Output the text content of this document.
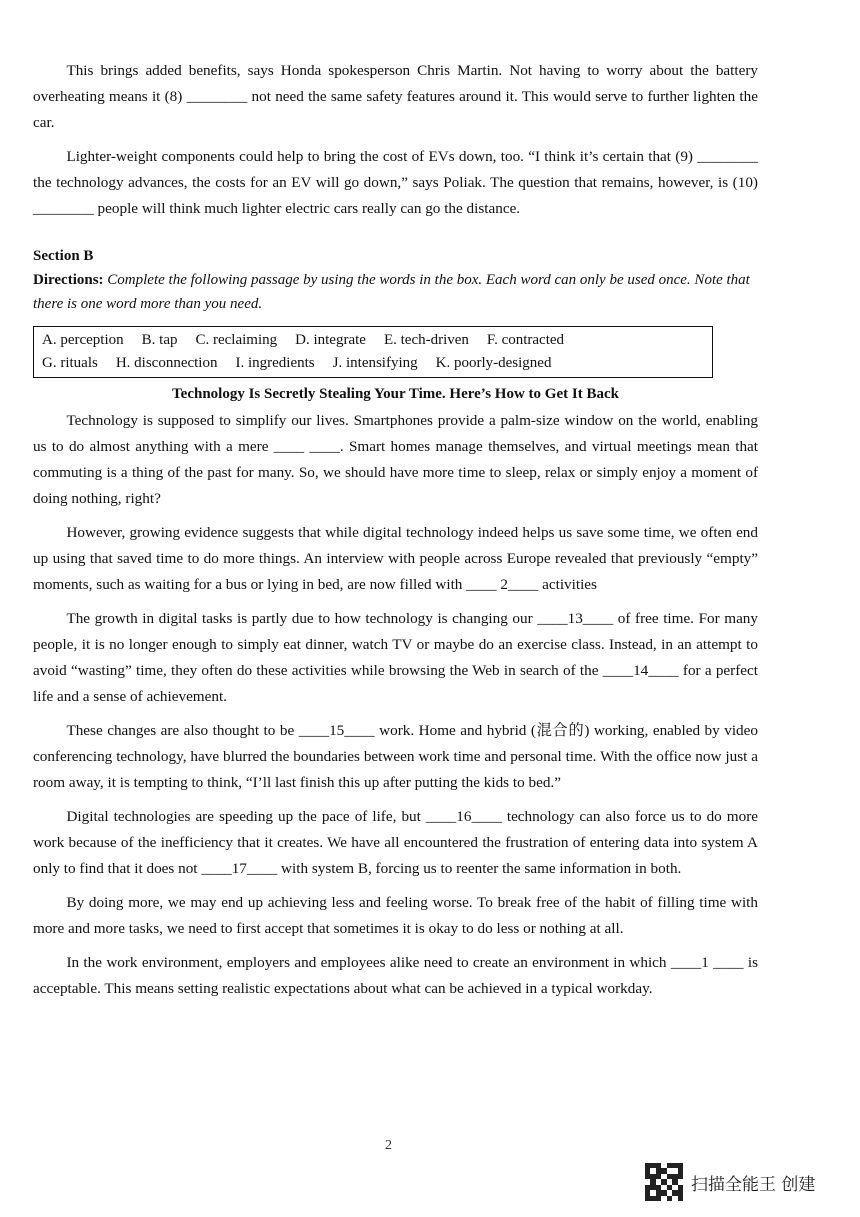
This brings added benefits, says Honda spokesperson Chris Martin. Not having to worry about the battery overheating means it (8) ________ not need the same safety features around it. This would serve to further lighten the car.

Lighter-weight components could help to bring the cost of EVs down, too. “I think it’s certain that (9) ________ the technology advances, the costs for an EV will go down,” says Poliak. The question that remains, however, is (10) ________ people will think much lighter electric cars really can go the distance.

Section B
Directions: Complete the following passage by using the words in the box. Each word can only be used once. Note that there is one word more than you need.
A. perception B. tap C. reclaiming D. integrate E. tech-driven F. contracted
G. rituals H. disconnection I. ingredients J. intensifying K. poorly-designed
Technology Is Secretly Stealing Your Time. Here’s How to Get It Back

Technology is supposed to simplify our lives. Smartphones provide a palm-size window on the world, enabling us to do almost anything with a mere ____ ____. Smart homes manage themselves, and virtual meetings mean that commuting is a thing of the past for many. So, we should have more time to sleep, relax or simply enjoy a moment of doing nothing, right?

However, growing evidence suggests that while digital technology indeed helps us save some time, we often end up using that saved time to do more things. An interview with people across Europe revealed that previously “empty” moments, such as waiting for a bus or lying in bed, are now filled with ____ 2____ activities

The growth in digital tasks is partly due to how technology is changing our ____13____ of free time. For many people, it is no longer enough to simply eat dinner, watch TV or maybe do an exercise class. Instead, in an attempt to avoid “wasting” time, they often do these activities while browsing the Web in search of the ____14____ for a perfect life and a sense of achievement.

These changes are also thought to be ____15____ work. Home and hybrid (混合的) working, enabled by video conferencing technology, have blurred the boundaries between work time and personal time. With the office now just a room away, it is tempting to think, “I’ll last finish this up after putting the kids to bed.”

Digital technologies are speeding up the pace of life, but ____16____ technology can also force us to do more work because of the inefficiency that it creates. We have all encountered the frustration of entering data into system A only to find that it does not ____17____ with system B, forcing us to reenter the same information in both.

By doing more, we may end up achieving less and feeling worse. To break free of the habit of filling time with more and more tasks, we need to first accept that sometimes it is okay to do less or nothing at all.

In the work environment, employers and employees alike need to create an environment in which ____1 ____ is acceptable. This means setting realistic expectations about what can be achieved in a typical workday.

2
扫描全能王 创建
